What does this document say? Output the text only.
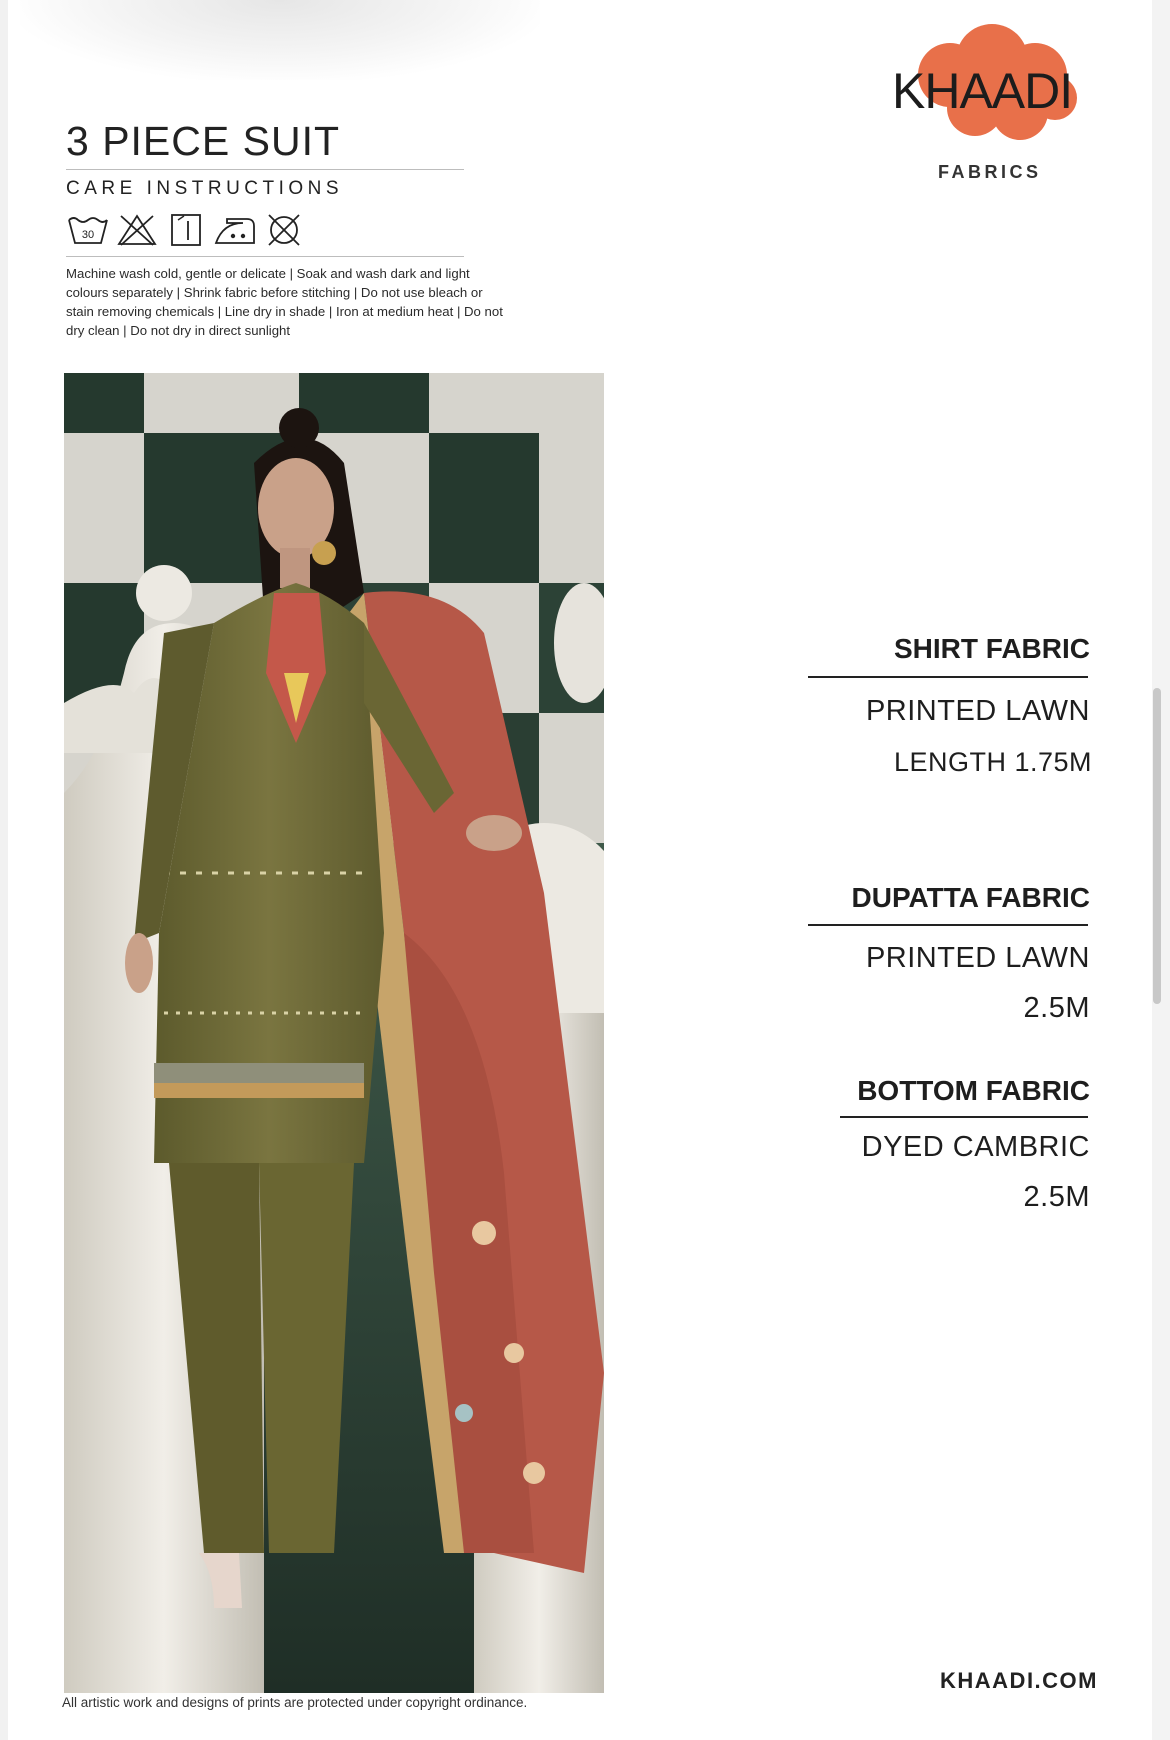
3 PIECE SUIT
CARE INSTRUCTIONS
30
Machine wash cold, gentle or delicate | Soak and wash dark and light colours separately | Shrink fabric before stitching | Do not use bleach or stain removing chemicals | Line dry in shade | Iron at medium heat | Do not dry clean | Do not dry in direct sunlight
All artistic work and designs of prints are protected under copyright ordinance.
KHAADI
FABRICS
SHIRT FABRIC
PRINTED LAWN
LENGTH 1.75M
DUPATTA FABRIC
PRINTED LAWN
2.5M
BOTTOM FABRIC
DYED CAMBRIC
2.5M
KHAADI.COM
